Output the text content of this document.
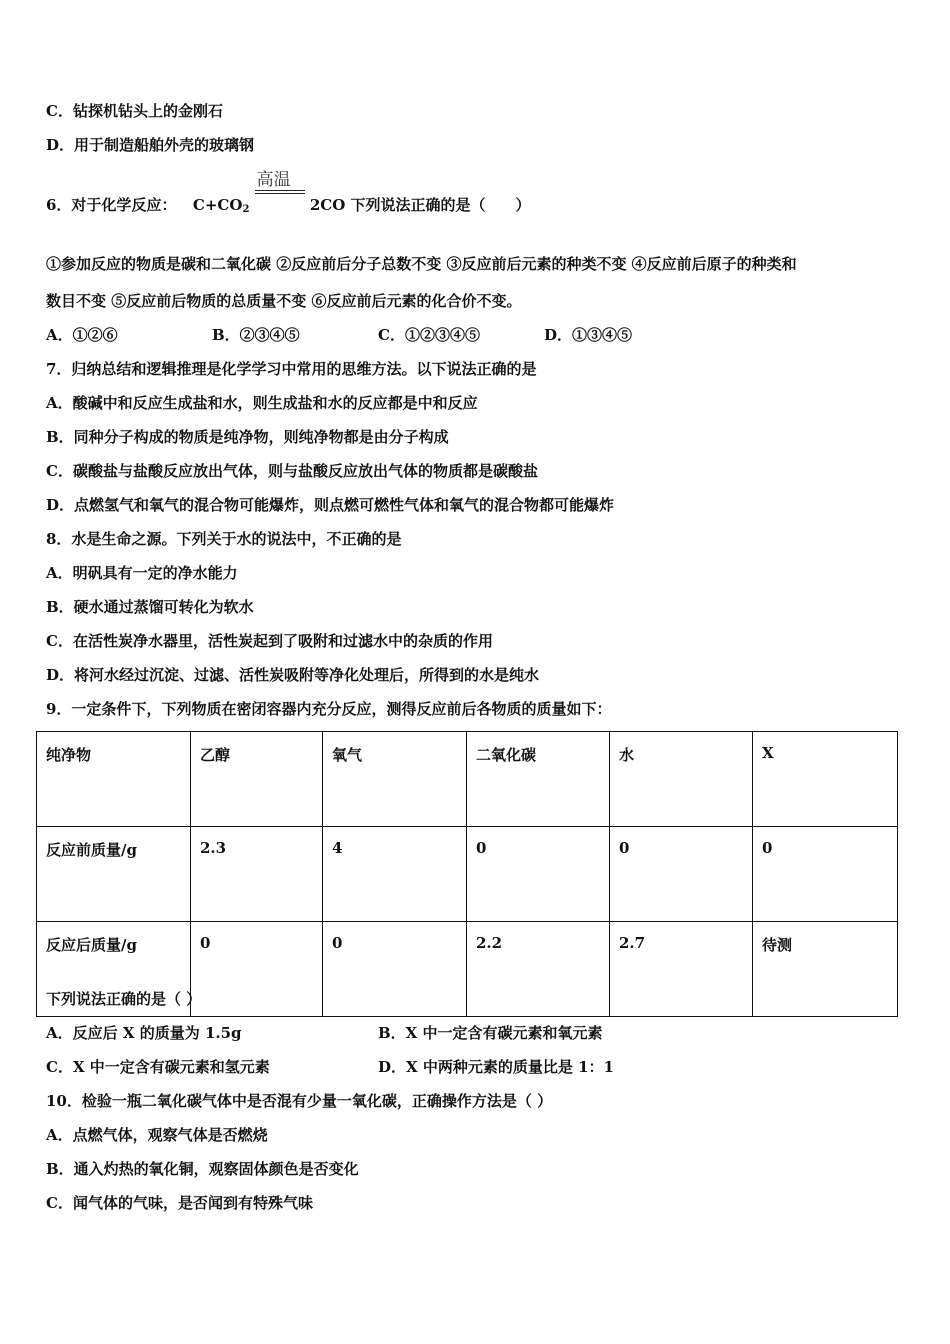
C．钻探机钻头上的金刚石
D．用于制造船舶外壳的玻璃钢
6．对于化学反应： $C+CO_2$
高温
2CO 下列说法正确的是（　　）
①参加反应的物质是碳和二氧化碳 ②反应前后分子总数不变 ③反应前后元素的种类不变 ④反应前后原子的种类和
数目不变 ⑤反应前后物质的总质量不变 ⑥反应前后元素的化合价不变。
A．①②⑥	B．②③④⑤	C．①②③④⑤	D．①③④⑤
7．归纳总结和逻辑推理是化学学习中常用的思维方法。以下说法正确的是
A．酸碱中和反应生成盐和水，则生成盐和水的反应都是中和反应
B．同种分子构成的物质是纯净物，则纯净物都是由分子构成
C．碳酸盐与盐酸反应放出气体，则与盐酸反应放出气体的物质都是碳酸盐
D．点燃氢气和氧气的混合物可能爆炸，则点燃可燃性气体和氧气的混合物都可能爆炸
8．水是生命之源。下列关于水的说法中，不正确的是
A．明矾具有一定的净水能力
B．硬水通过蒸馏可转化为软水
C．在活性炭净水器里，活性炭起到了吸附和过滤水中的杂质的作用
D．将河水经过沉淀、过滤、活性炭吸附等净化处理后，所得到的水是纯水
9．一定条件下，下列物质在密闭容器内充分反应，测得反应前后各物质的质量如下：
纯净物	乙醇	氧气	二氧化碳	水	X
反应前质量/g	2.3	4	0	0	0
反应后质量/g	0	0	2.2	2.7	待测
下列说法正确的是（ ）
A．反应后 X 的质量为 1.5g	B．X 中一定含有碳元素和氧元素
C．X 中一定含有碳元素和氢元素	D．X 中两种元素的质量比是 1：1
10．检验一瓶二氧化碳气体中是否混有少量一氧化碳，正确操作方法是（ ）
A．点燃气体，观察气体是否燃烧
B．通入灼热的氧化铜，观察固体颜色是否变化
C．闻气体的气味，是否闻到有特殊气味
